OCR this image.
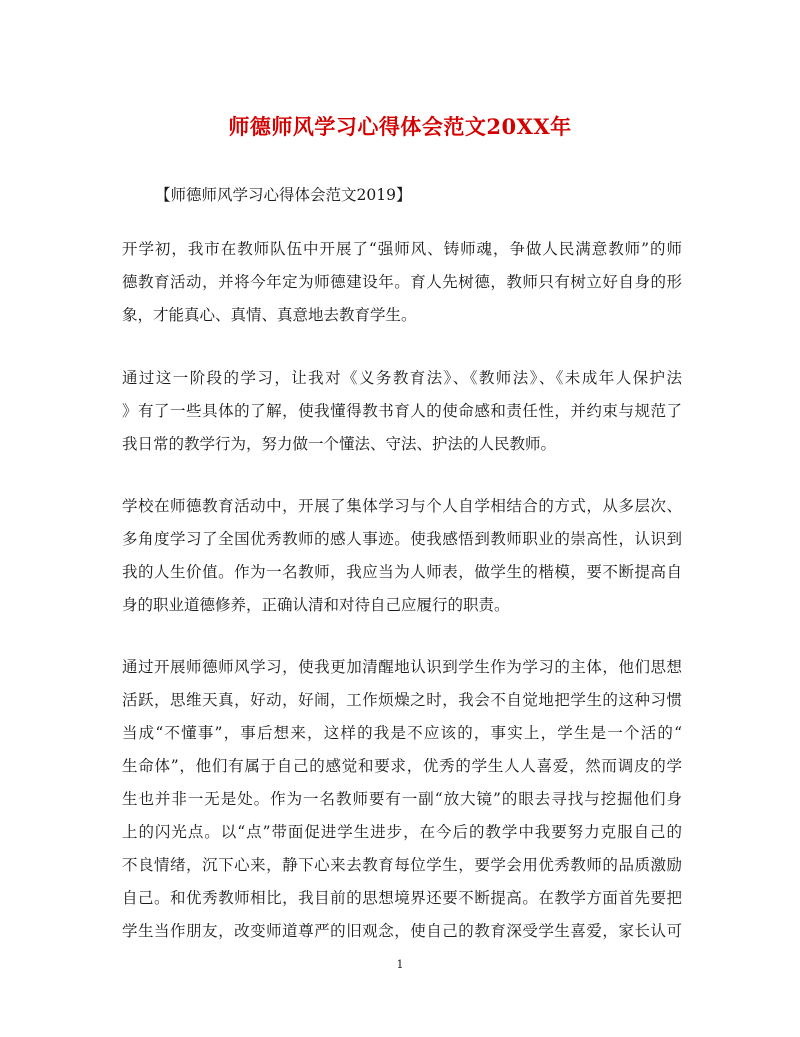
师德师风学习心得体会范文20XX年
【师德师风学习心得体会范文2019】
开学初，我市在教师队伍中开展了“强师风、铸师魂，争做人民满意教师”的师
德教育活动，并将今年定为师德建设年。育人先树德，教师只有树立好自身的形
象，才能真心、真情、真意地去教育学生。
通过这一阶段的学习，让我对《义务教育法》、《教师法》、《未成年人保护法
》有了一些具体的了解，使我懂得教书育人的使命感和责任性，并约束与规范了
我日常的教学行为，努力做一个懂法、守法、护法的人民教师。
学校在师德教育活动中，开展了集体学习与个人自学相结合的方式，从多层次、
多角度学习了全国优秀教师的感人事迹。使我感悟到教师职业的崇高性，认识到
我的人生价值。作为一名教师，我应当为人师表，做学生的楷模，要不断提高自
身的职业道德修养，正确认清和对待自己应履行的职责。
通过开展师德师风学习，使我更加清醒地认识到学生作为学习的主体，他们思想
活跃，思维天真，好动，好闹，工作烦燥之时，我会不自觉地把学生的这种习惯
当成“不懂事”，事后想来，这样的我是不应该的，事实上，学生是一个活的“
生命体”，他们有属于自己的感觉和要求，优秀的学生人人喜爱，然而调皮的学
生也并非一无是处。作为一名教师要有一副“放大镜”的眼去寻找与挖掘他们身
上的闪光点。以“点”带面促进学生进步，在今后的教学中我要努力克服自己的
不良情绪，沉下心来，静下心来去教育每位学生，要学会用优秀教师的品质激励
自己。和优秀教师相比，我目前的思想境界还要不断提高。在教学方面首先要把
学生当作朋友，改变师道尊严的旧观念，使自己的教育深受学生喜爱，家长认可
1
